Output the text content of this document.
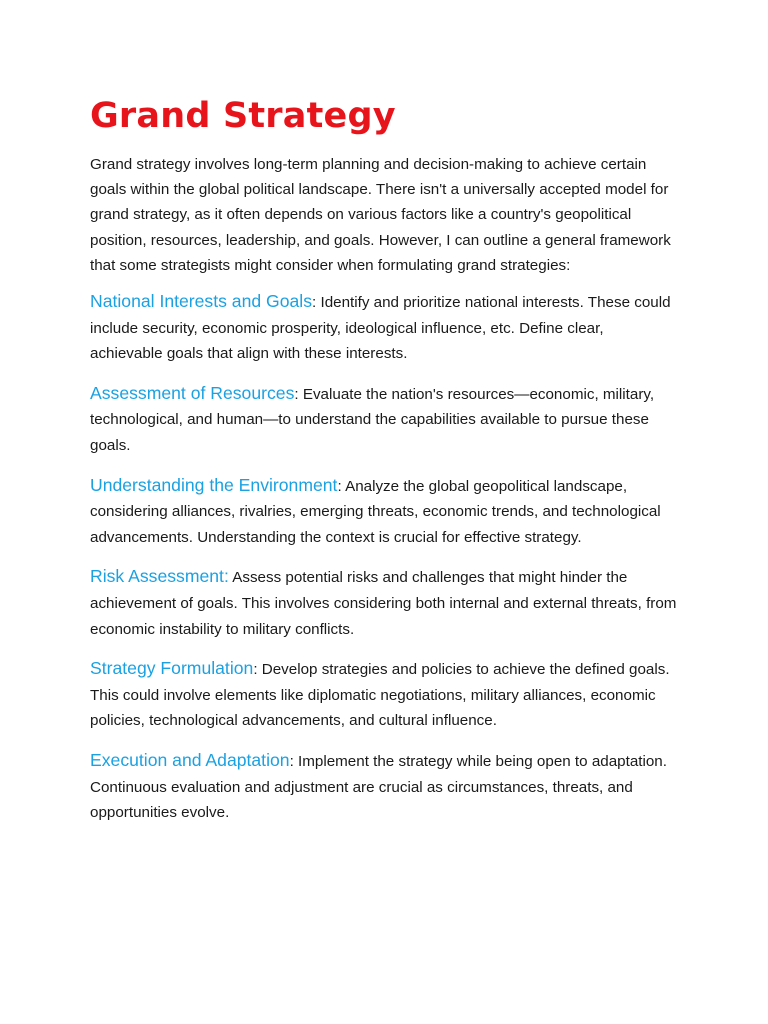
Grand Strategy

Grand strategy involves long-term planning and decision-making to achieve certain goals within the global political landscape. There isn't a universally accepted model for grand strategy, as it often depends on various factors like a country's geopolitical position, resources, leadership, and goals. However, I can outline a general framework that some strategists might consider when formulating grand strategies:

National Interests and Goals: Identify and prioritize national interests. These could include security, economic prosperity, ideological influence, etc. Define clear, achievable goals that align with these interests.

Assessment of Resources: Evaluate the nation's resources—economic, military, technological, and human—to understand the capabilities available to pursue these goals.

Understanding the Environment: Analyze the global geopolitical landscape, considering alliances, rivalries, emerging threats, economic trends, and technological advancements. Understanding the context is crucial for effective strategy.

Risk Assessment: Assess potential risks and challenges that might hinder the achievement of goals. This involves considering both internal and external threats, from economic instability to military conflicts.

Strategy Formulation: Develop strategies and policies to achieve the defined goals. This could involve elements like diplomatic negotiations, military alliances, economic policies, technological advancements, and cultural influence.

Execution and Adaptation: Implement the strategy while being open to adaptation. Continuous evaluation and adjustment are crucial as circumstances, threats, and opportunities evolve.
